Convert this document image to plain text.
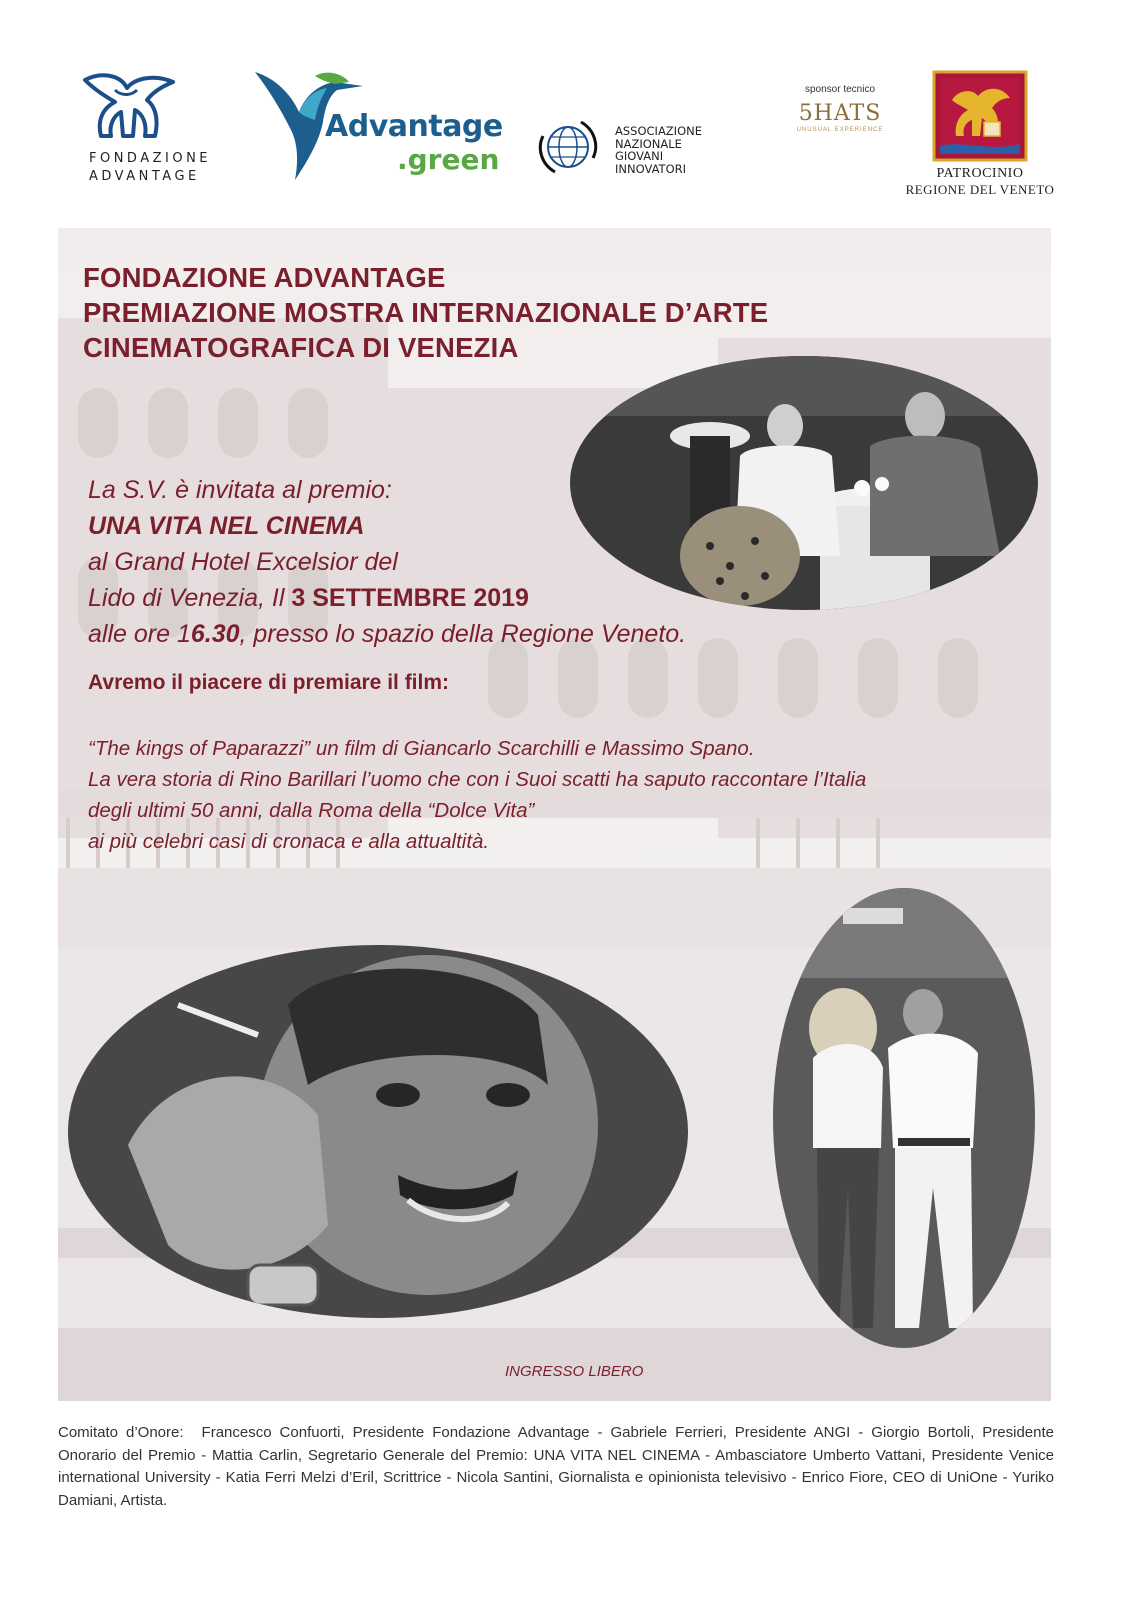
FONDAZIONE
ADVANTAGE
Advantage
.green
ASSOCIAZIONE
NAZIONALE
GIOVANI
INNOVATORI
sponsor tecnico
5HATS
UNUSUAL EXPERIENCE
PATROCINIO
REGIONE DEL VENETO
FONDAZIONE ADVANTAGE
PREMIAZIONE MOSTRA INTERNAZIONALE D’ARTE
CINEMATOGRAFICA DI VENEZIA
La S.V. è invitata al premio:
UNA VITA NEL CINEMA
al Grand Hotel Excelsior del
Lido di Venezia, Il 3 SETTEMBRE 2019
alle ore 16.30, presso lo spazio della Regione Veneto.
Avremo il piacere di premiare il film:
“The kings of Paparazzi” un film di Giancarlo Scarchilli e Massimo Spano.
La vera storia di Rino Barillari l’uomo che con i Suoi scatti ha saputo raccontare l’Italia
degli ultimi 50 anni, dalla Roma della “Dolce Vita”
ai più celebri casi di cronaca e alla attualtità.
INGRESSO LIBERO
Comitato d’Onore: Francesco Confuorti, Presidente Fondazione Advantage - Gabriele Ferrieri, Presidente ANGI - Giorgio Bortoli, Presidente Onorario del Premio - Mattia Carlin, Segretario Generale del Premio: UNA VITA NEL CINEMA - Ambasciatore Umberto Vattani, Presidente Venice international University - Katia Ferri Melzi d’Eril, Scrittrice - Nicola Santini, Giornalista e opinionista televisivo - Enrico Fiore, CEO di UniOne - Yuriko Damiani, Artista.
